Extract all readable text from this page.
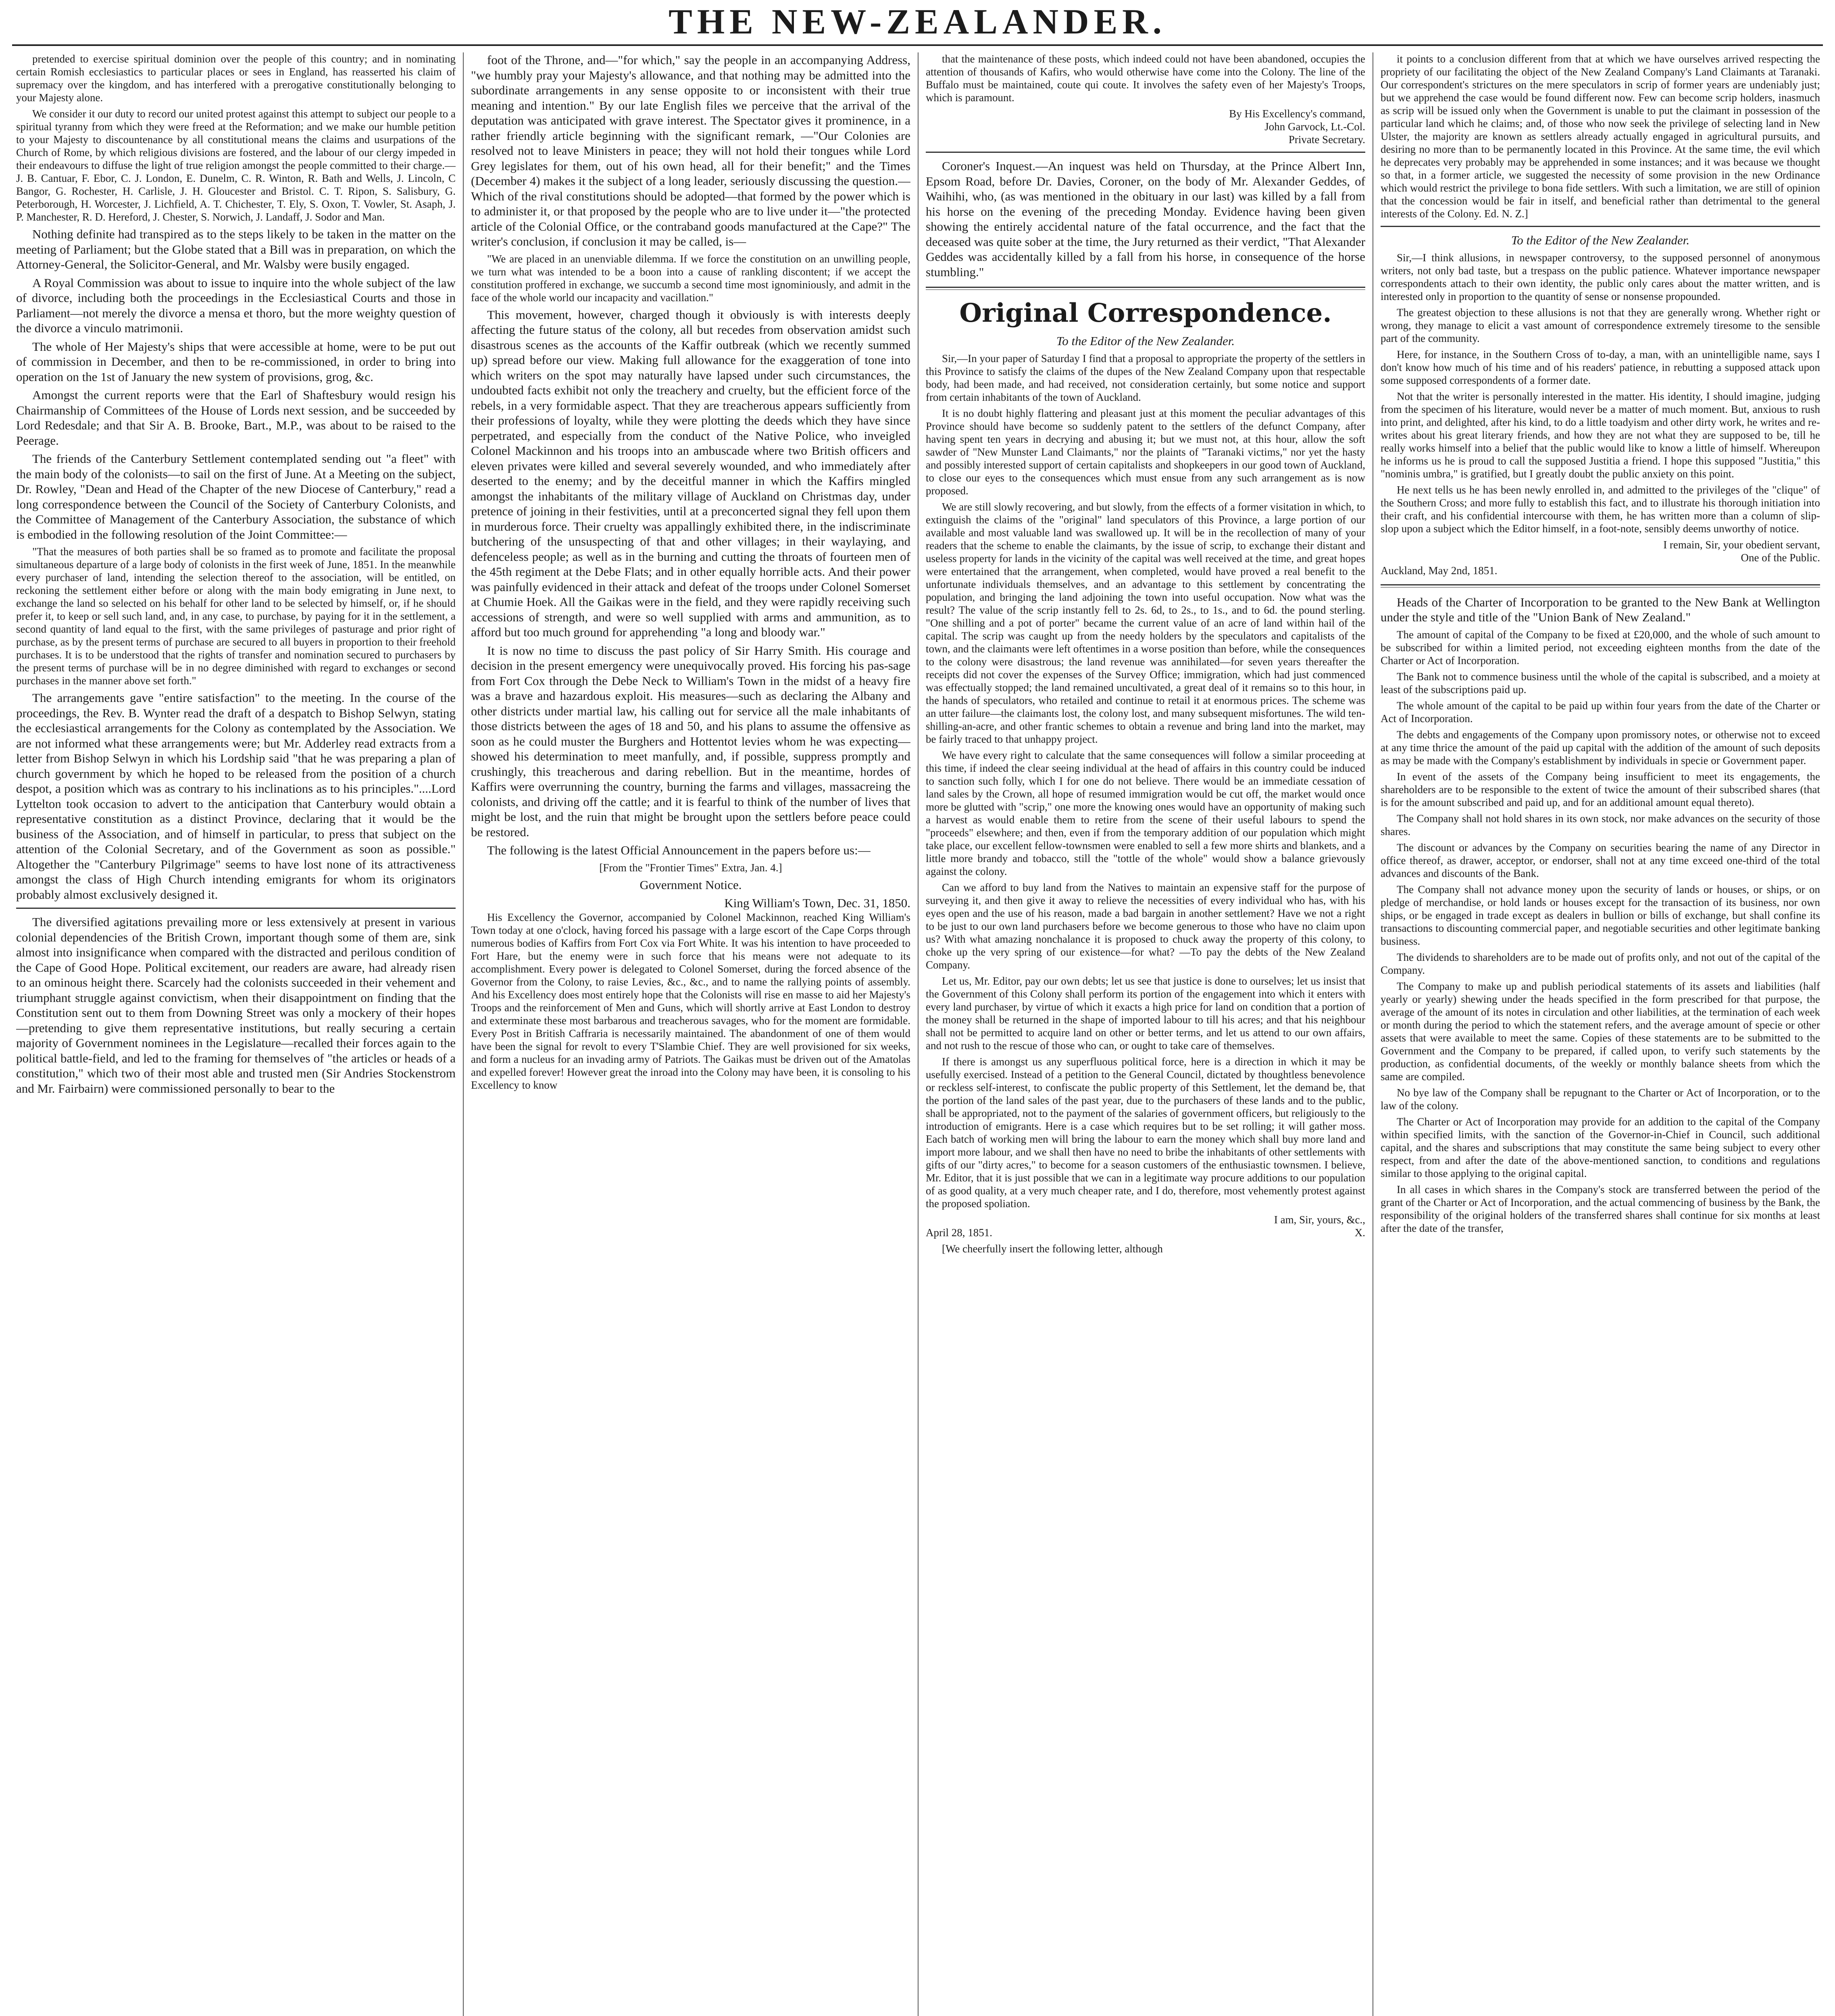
THE NEW-ZEALANDER.

pretended to exercise spiritual dominion over the people of this country; and in nominating certain Romish ecclesiastics to particular places or sees in England, has reasserted his claim of supremacy over the kingdom, and has interfered with a prerogative constitutionally belonging to your Majesty alone.

We consider it our duty to record our united protest against this attempt to subject our people to a spiritual tyranny from which they were freed at the Reformation; and we make our humble petition to your Majesty to discountenance by all constitutional means the claims and usurpations of the Church of Rome, by which religious divisions are fostered, and the labour of our clergy impeded in their endeavours to diffuse the light of true religion amongst the people committed to their charge.—J. B. Cantuar, F. Ebor, C. J. London, E. Dunelm, C. R. Winton, R. Bath and Wells, J. Lincoln, C Bangor, G. Rochester, H. Carlisle, J. H. Gloucester and Bristol. C. T. Ripon, S. Salisbury, G. Peterborough, H. Worcester, J. Lichfield, A. T. Chichester, T. Ely, S. Oxon, T. Vowler, St. Asaph, J. P. Manchester, R. D. Hereford, J. Chester, S. Norwich, J. Landaff, J. Sodor and Man.

Nothing definite had transpired as to the steps likely to be taken in the matter on the meeting of Parliament; but the Globe stated that a Bill was in preparation, on which the Attorney-General, the Solicitor-General, and Mr. Walsby were busily engaged.

A Royal Commission was about to issue to inquire into the whole subject of the law of divorce, including both the proceedings in the Ecclesiastical Courts and those in Parliament—not merely the divorce a mensa et thoro, but the more weighty question of the divorce a vinculo matrimonii.

The whole of Her Majesty's ships that were accessible at home, were to be put out of commission in December, and then to be re-commissioned, in order to bring into operation on the 1st of January the new system of provisions, grog, &c.

Amongst the current reports were that the Earl of Shaftesbury would resign his Chairmanship of Committees of the House of Lords next session, and be succeeded by Lord Redesdale; and that Sir A. B. Brooke, Bart., M.P., was about to be raised to the Peerage.

The friends of the Canterbury Settlement contemplated sending out "a fleet" with the main body of the colonists—to sail on the first of June. At a Meeting on the subject, Dr. Rowley, "Dean and Head of the Chapter of the new Diocese of Canterbury," read a long correspondence between the Council of the Society of Canterbury Colonists, and the Committee of Management of the Canterbury Association, the substance of which is embodied in the following resolution of the Joint Committee:—

"That the measures of both parties shall be so framed as to promote and facilitate the proposal simultaneous departure of a large body of colonists in the first week of June, 1851. In the meanwhile every purchaser of land, intending the selection thereof to the association, will be entitled, on reckoning the settlement either before or along with the main body emigrating in June next, to exchange the land so selected on his behalf for other land to be selected by himself, or, if he should prefer it, to keep or sell such land, and, in any case, to purchase, by paying for it in the settlement, a second quantity of land equal to the first, with the same privileges of pasturage and prior right of purchase, as by the present terms of purchase are secured to all buyers in proportion to their freehold purchases. It is to be understood that the rights of transfer and nomination secured to purchasers by the present terms of purchase will be in no degree diminished with regard to exchanges or second purchases in the manner above set forth."

The arrangements gave "entire satisfaction" to the meeting. In the course of the proceedings, the Rev. B. Wynter read the draft of a despatch to Bishop Selwyn, stating the ecclesiastical arrangements for the Colony as contemplated by the Association. We are not informed what these arrangements were; but Mr. Adderley read extracts from a letter from Bishop Selwyn in which his Lordship said "that he was preparing a plan of church government by which he hoped to be released from the position of a church despot, a position which was as contrary to his inclinations as to his principles."....Lord Lyttelton took occasion to advert to the anticipation that Canterbury would obtain a representative constitution as a distinct Province, declaring that it would be the business of the Association, and of himself in particular, to press that subject on the attention of the Colonial Secretary, and of the Government as soon as possible." Altogether the "Canterbury Pilgrimage" seems to have lost none of its attractiveness amongst the class of High Church intending emigrants for whom its originators probably almost exclusively designed it.

The diversified agitations prevailing more or less extensively at present in various colonial dependencies of the British Crown, important though some of them are, sink almost into insignificance when compared with the distracted and perilous condition of the Cape of Good Hope. Political excitement, our readers are aware, had already risen to an ominous height there. Scarcely had the colonists succeeded in their vehement and triumphant struggle against convictism, when their disappointment on finding that the Constitution sent out to them from Downing Street was only a mockery of their hopes—pretending to give them representative institutions, but really securing a certain majority of Government nominees in the Legislature—recalled their forces again to the political battle-field, and led to the framing for themselves of "the articles or heads of a constitution," which two of their most able and trusted men (Sir Andries Stockenstrom and Mr. Fairbairn) were commissioned personally to bear to the

foot of the Throne, and—"for which," say the people in an accompanying Address, "we humbly pray your Majesty's allowance, and that nothing may be admitted into the subordinate arrangements in any sense opposite to or inconsistent with their true meaning and intention." By our late English files we perceive that the arrival of the deputation was anticipated with grave interest. The Spectator gives it prominence, in a rather friendly article beginning with the significant remark, —"Our Colonies are resolved not to leave Ministers in peace; they will not hold their tongues while Lord Grey legislates for them, out of his own head, all for their benefit;" and the Times (December 4) makes it the subject of a long leader, seriously discussing the question.—Which of the rival constitutions should be adopted—that formed by the power which is to administer it, or that proposed by the people who are to live under it—"the protected article of the Colonial Office, or the contraband goods manufactured at the Cape?" The writer's conclusion, if conclusion it may be called, is—

"We are placed in an unenviable dilemma. If we force the constitution on an unwilling people, we turn what was intended to be a boon into a cause of rankling discontent; if we accept the constitution proffered in exchange, we succumb a second time most ignominiously, and admit in the face of the whole world our incapacity and vacillation."

This movement, however, charged though it obviously is with interests deeply affecting the future status of the colony, all but recedes from observation amidst such disastrous scenes as the accounts of the Kaffir outbreak (which we recently summed up) spread before our view. Making full allowance for the exaggeration of tone into which writers on the spot may naturally have lapsed under such circumstances, the undoubted facts exhibit not only the treachery and cruelty, but the efficient force of the rebels, in a very formidable aspect. That they are treacherous appears sufficiently from their professions of loyalty, while they were plotting the deeds which they have since perpetrated, and especially from the conduct of the Native Police, who inveigled Colonel Mackinnon and his troops into an ambuscade where two British officers and eleven privates were killed and several severely wounded, and who immediately after deserted to the enemy; and by the deceitful manner in which the Kaffirs mingled amongst the inhabitants of the military village of Auckland on Christmas day, under pretence of joining in their festivities, until at a preconcerted signal they fell upon them in murderous force. Their cruelty was appallingly exhibited there, in the indiscriminate butchering of the unsuspecting of that and other villages; in their waylaying, and defenceless people; as well as in the burning and cutting the throats of fourteen men of the 45th regiment at the Debe Flats; and in other equally horrible acts. And their power was painfully evidenced in their attack and defeat of the troops under Colonel Somerset at Chumie Hoek. All the Gaikas were in the field, and they were rapidly receiving such accessions of strength, and were so well supplied with arms and ammunition, as to afford but too much ground for apprehending "a long and bloody war."

It is now no time to discuss the past policy of Sir Harry Smith. His courage and decision in the present emergency were unequivocally proved. His forcing his pas-sage from Fort Cox through the Debe Neck to William's Town in the midst of a heavy fire was a brave and hazardous exploit. His measures—such as declaring the Albany and other districts under martial law, his calling out for service all the male inhabitants of those districts between the ages of 18 and 50, and his plans to assume the offensive as soon as he could muster the Burghers and Hottentot levies whom he was expecting—showed his determination to meet manfully, and, if possible, suppress promptly and crushingly, this treacherous and daring rebellion. But in the meantime, hordes of Kaffirs were overrunning the country, burning the farms and villages, massacreing the colonists, and driving off the cattle; and it is fearful to think of the number of lives that might be lost, and the ruin that might be brought upon the settlers before peace could be restored.

The following is the latest Official Announcement in the papers before us:—

[From the "Frontier Times" Extra, Jan. 4.]

Government Notice.

King William's Town, Dec. 31, 1850.

His Excellency the Governor, accompanied by Colonel Mackinnon, reached King William's Town today at one o'clock, having forced his passage with a large escort of the Cape Corps through numerous bodies of Kaffirs from Fort Cox via Fort White. It was his intention to have proceeded to Fort Hare, but the enemy were in such force that his means were not adequate to its accomplishment. Every power is delegated to Colonel Somerset, during the forced absence of the Governor from the Colony, to raise Levies, &c., &c., and to name the rallying points of assembly. And his Excellency does most entirely hope that the Colonists will rise en masse to aid her Majesty's Troops and the reinforcement of Men and Guns, which will shortly arrive at East London to destroy and exterminate these most barbarous and treacherous savages, who for the moment are formidable. Every Post in British Caffraria is necessarily maintained. The abandonment of one of them would have been the signal for revolt to every T'Slambie Chief. They are well provisioned for six weeks, and form a nucleus for an invading army of Patriots. The Gaikas must be driven out of the Amatolas and expelled forever! However great the inroad into the Colony may have been, it is consoling to his Excellency to know

that the maintenance of these posts, which indeed could not have been abandoned, occupies the attention of thousands of Kafirs, who would otherwise have come into the Colony. The line of the Buffalo must be maintained, coute qui coute. It involves the safety even of her Majesty's Troops, which is paramount.

By His Excellency's command,

John Garvock, Lt.-Col.

Private Secretary.

Coroner's Inquest.—An inquest was held on Thursday, at the Prince Albert Inn, Epsom Road, before Dr. Davies, Coroner, on the body of Mr. Alexander Geddes, of Waihihi, who, (as was mentioned in the obituary in our last) was killed by a fall from his horse on the evening of the preceding Monday. Evidence having been given showing the entirely accidental nature of the fatal occurrence, and the fact that the deceased was quite sober at the time, the Jury returned as their verdict, "That Alexander Geddes was accidentally killed by a fall from his horse, in consequence of the horse stumbling."

Original Correspondence.

To the Editor of the New Zealander.

Sir,—In your paper of Saturday I find that a proposal to appropriate the property of the settlers in this Province to satisfy the claims of the dupes of the New Zealand Company upon that respectable body, had been made, and had received, not consideration certainly, but some notice and support from certain inhabitants of the town of Auckland.

It is no doubt highly flattering and pleasant just at this moment the peculiar advantages of this Province should have become so suddenly patent to the settlers of the defunct Company, after having spent ten years in decrying and abusing it; but we must not, at this hour, allow the soft sawder of "New Munster Land Claimants," nor the plaints of "Taranaki victims," nor yet the hasty and possibly interested support of certain capitalists and shopkeepers in our good town of Auckland, to close our eyes to the consequences which must ensue from any such arrangement as is now proposed.

We are still slowly recovering, and but slowly, from the effects of a former visitation in which, to extinguish the claims of the "original" land speculators of this Province, a large portion of our available and most valuable land was swallowed up. It will be in the recollection of many of your readers that the scheme to enable the claimants, by the issue of scrip, to exchange their distant and useless property for lands in the vicinity of the capital was well received at the time, and great hopes were entertained that the arrangement, when completed, would have proved a real benefit to the unfortunate individuals themselves, and an advantage to this settlement by concentrating the population, and bringing the land adjoining the town into useful occupation. Now what was the result? The value of the scrip instantly fell to 2s. 6d, to 2s., to 1s., and to 6d. the pound sterling. "One shilling and a pot of porter" became the current value of an acre of land within hail of the capital. The scrip was caught up from the needy holders by the speculators and capitalists of the town, and the claimants were left oftentimes in a worse position than before, while the consequences to the colony were disastrous; the land revenue was annihilated—for seven years thereafter the receipts did not cover the expenses of the Survey Office; immigration, which had just commenced was effectually stopped; the land remained uncultivated, a great deal of it remains so to this hour, in the hands of speculators, who retailed and continue to retail it at enormous prices. The scheme was an utter failure—the claimants lost, the colony lost, and many subsequent misfortunes. The wild ten-shilling-an-acre, and other frantic schemes to obtain a revenue and bring land into the market, may be fairly traced to that unhappy project.

We have every right to calculate that the same consequences will follow a similar proceeding at this time, if indeed the clear seeing individual at the head of affairs in this country could be induced to sanction such folly, which I for one do not believe. There would be an immediate cessation of land sales by the Crown, all hope of resumed immigration would be cut off, the market would once more be glutted with "scrip," one more the knowing ones would have an opportunity of making such a harvest as would enable them to retire from the scene of their useful labours to spend the "proceeds" elsewhere; and then, even if from the temporary addition of our population which might take place, our excellent fellow-townsmen were enabled to sell a few more shirts and blankets, and a little more brandy and tobacco, still the "tottle of the whole" would show a balance grievously against the colony.

Can we afford to buy land from the Natives to maintain an expensive staff for the purpose of surveying it, and then give it away to relieve the necessities of every individual who has, with his eyes open and the use of his reason, made a bad bargain in another settlement? Have we not a right to be just to our own land purchasers before we become generous to those who have no claim upon us? With what amazing nonchalance it is proposed to chuck away the property of this colony, to choke up the very spring of our existence—for what? —To pay the debts of the New Zealand Company.

Let us, Mr. Editor, pay our own debts; let us see that justice is done to ourselves; let us insist that the Government of this Colony shall perform its portion of the engagement into which it enters with every land purchaser, by virtue of which it exacts a high price for land on condition that a portion of the money shall be returned in the shape of imported labour to till his acres; and that his neighbour shall not be permitted to acquire land on other or better terms, and let us attend to our own affairs, and not rush to the rescue of those who can, or ought to take care of themselves.

If there is amongst us any superfluous political force, here is a direction in which it may be usefully exercised. Instead of a petition to the General Council, dictated by thoughtless benevolence or reckless self-interest, to confiscate the public property of this Settlement, let the demand be, that the portion of the land sales of the past year, due to the purchasers of these lands and to the public, shall be appropriated, not to the payment of the salaries of government officers, but religiously to the introduction of emigrants. Here is a case which requires but to be set rolling; it will gather moss. Each batch of working men will bring the labour to earn the money which shall buy more land and import more labour, and we shall then have no need to bribe the inhabitants of other settlements with gifts of our "dirty acres," to become for a season customers of the enthusiastic townsmen. I believe, Mr. Editor, that it is just possible that we can in a legitimate way procure additions to our population of as good quality, at a very much cheaper rate, and I do, therefore, most vehemently protest against the proposed spoliation.

I am, Sir, yours, &c.,

April 28, 1851.	X.

[We cheerfully insert the following letter, although

it points to a conclusion different from that at which we have ourselves arrived respecting the propriety of our facilitating the object of the New Zealand Company's Land Claimants at Taranaki. Our correspondent's strictures on the mere speculators in scrip of former years are undeniably just; but we apprehend the case would be found different now. Few can become scrip holders, inasmuch as scrip will be issued only when the Government is unable to put the claimant in possession of the particular land which he claims; and, of those who now seek the privilege of selecting land in New Ulster, the majority are known as settlers already actually engaged in agricultural pursuits, and desiring no more than to be permanently located in this Province. At the same time, the evil which he deprecates very probably may be apprehended in some instances; and it was because we thought so that, in a former article, we suggested the necessity of some provision in the new Ordinance which would restrict the privilege to bona fide settlers. With such a limitation, we are still of opinion that the concession would be fair in itself, and beneficial rather than detrimental to the general interests of the Colony. Ed. N. Z.]

To the Editor of the New Zealander.

Sir,—I think allusions, in newspaper controversy, to the supposed personnel of anonymous writers, not only bad taste, but a trespass on the public patience. Whatever importance newspaper correspondents attach to their own identity, the public only cares about the matter written, and is interested only in proportion to the quantity of sense or nonsense propounded.

The greatest objection to these allusions is not that they are generally wrong. Whether right or wrong, they manage to elicit a vast amount of correspondence extremely tiresome to the sensible part of the community.

Here, for instance, in the Southern Cross of to-day, a man, with an unintelligible name, says I don't know how much of his time and of his readers' patience, in rebutting a supposed attack upon some supposed correspondents of a former date.

Not that the writer is personally interested in the matter. His identity, I should imagine, judging from the specimen of his literature, would never be a matter of much moment. But, anxious to rush into print, and delighted, after his kind, to do a little toadyism and other dirty work, he writes and re-writes about his great literary friends, and how they are not what they are supposed to be, till he really works himself into a belief that the public would like to know a little of himself. Whereupon he informs us he is proud to call the supposed Justitia a friend. I hope this supposed "Justitia," this "nominis umbra," is gratified, but I greatly doubt the public anxiety on this point.

He next tells us he has been newly enrolled in, and admitted to the privileges of the "clique" of the Southern Cross; and more fully to establish this fact, and to illustrate his thorough initiation into their craft, and his confidential intercourse with them, he has written more than a column of slip-slop upon a subject which the Editor himself, in a foot-note, sensibly deems unworthy of notice.

I remain, Sir, your obedient servant,

One of the Public.

Auckland, May 2nd, 1851.

Heads of the Charter of Incorporation to be granted to the New Bank at Wellington under the style and title of the "Union Bank of New Zealand."

The amount of capital of the Company to be fixed at £20,000, and the whole of such amount to be subscribed for within a limited period, not exceeding eighteen months from the date of the Charter or Act of Incorporation.

The Bank not to commence business until the whole of the capital is subscribed, and a moiety at least of the subscriptions paid up.

The whole amount of the capital to be paid up within four years from the date of the Charter or Act of Incorporation.

The debts and engagements of the Company upon promissory notes, or otherwise not to exceed at any time thrice the amount of the paid up capital with the addition of the amount of such deposits as may be made with the Company's establishment by individuals in specie or Government paper.

In event of the assets of the Company being insufficient to meet its engagements, the shareholders are to be responsible to the extent of twice the amount of their subscribed shares (that is for the amount subscribed and paid up, and for an additional amount equal thereto).

The Company shall not hold shares in its own stock, nor make advances on the security of those shares.

The discount or advances by the Company on securities bearing the name of any Director in office thereof, as drawer, acceptor, or endorser, shall not at any time exceed one-third of the total advances and discounts of the Bank.

The Company shall not advance money upon the security of lands or houses, or ships, or on pledge of merchandise, or hold lands or houses except for the transaction of its business, nor own ships, or be engaged in trade except as dealers in bullion or bills of exchange, but shall confine its transactions to discounting commercial paper, and negotiable securities and other legitimate banking business.

The dividends to shareholders are to be made out of profits only, and not out of the capital of the Company.

The Company to make up and publish periodical statements of its assets and liabilities (half yearly or yearly) shewing under the heads specified in the form prescribed for that purpose, the average of the amount of its notes in circulation and other liabilities, at the termination of each week or month during the period to which the statement refers, and the average amount of specie or other assets that were available to meet the same. Copies of these statements are to be submitted to the Government and the Company to be prepared, if called upon, to verify such statements by the production, as confidential documents, of the weekly or monthly balance sheets from which the same are compiled.

No bye law of the Company shall be repugnant to the Charter or Act of Incorporation, or to the law of the colony.

The Charter or Act of Incorporation may provide for an addition to the capital of the Company within specified limits, with the sanction of the Governor-in-Chief in Council, such additional capital, and the shares and subscriptions that may constitute the same being subject to every other respect, from and after the date of the above-mentioned sanction, to conditions and regulations similar to those applying to the original capital.

In all cases in which shares in the Company's stock are transferred between the period of the grant of the Charter or Act of Incorporation, and the actual commencing of business by the Bank, the responsibility of the original holders of the transferred shares shall continue for six months at least after the date of the transfer,
